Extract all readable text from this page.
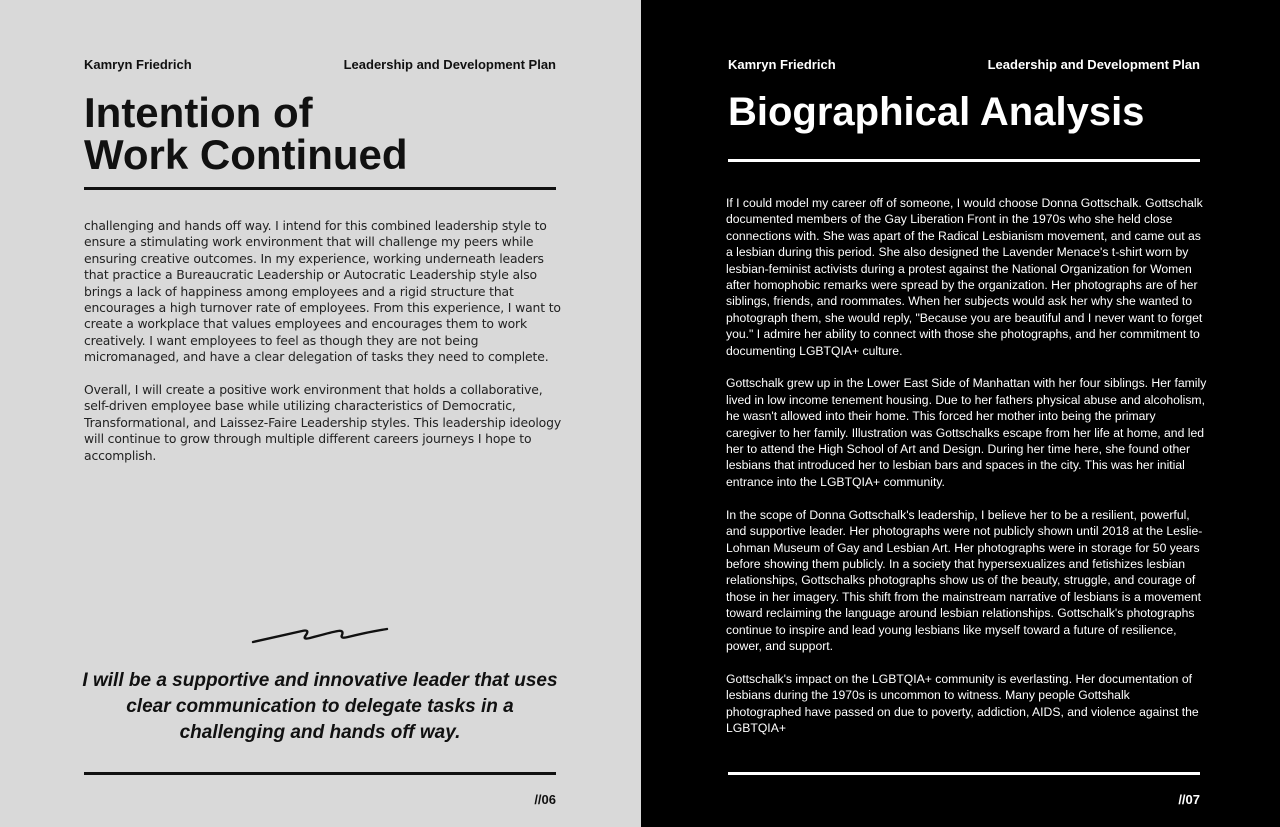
Kamryn Friedrich	Leadership and Development Plan
Intention of
Work Continued

challenging and hands off way. I intend for this combined leadership style to ensure a stimulating work environment that will challenge my peers while ensuring creative outcomes. In my experience, working underneath leaders that practice a Bureaucratic Leadership or Autocratic Leadership style also brings a lack of happiness among employees and a rigid structure that encourages a high turnover rate of employees. From this experience, I want to create a workplace that values employees and encourages them to work creatively. I want employees to feel as though they are not being micromanaged, and have a clear delegation of tasks they need to complete.

Overall, I will create a positive work environment that holds a collaborative, self-driven employee base while utilizing characteristics of Democratic, Transformational, and Laissez-Faire Leadership styles. This leadership ideology will continue to grow through multiple different careers journeys I hope to accomplish.

I will be a supportive and innovative leader that uses clear communication to delegate tasks in a challenging and hands off way.
//06
Kamryn Friedrich	Leadership and Development Plan
Biographical Analysis

If I could model my career off of someone, I would choose Donna Gottschalk. Gottschalk documented members of the Gay Liberation Front in the 1970s who she held close connections with. She was apart of the Radical Lesbianism movement, and came out as a lesbian during this period. She also designed the Lavender Menace's t-shirt worn by lesbian-feminist activists during a protest against the National Organization for Women after homophobic remarks were spread by the organization. Her photographs are of her siblings, friends, and roommates. When her subjects would ask her why she wanted to photograph them, she would reply, "Because you are beautiful and I never want to forget you." I admire her ability to connect with those she photographs, and her commitment to documenting LGBTQIA+ culture.

Gottschalk grew up in the Lower East Side of Manhattan with her four siblings. Her family lived in low income tenement housing. Due to her fathers physical abuse and alcoholism, he wasn't allowed into their home. This forced her mother into being the primary caregiver to her family. Illustration was Gottschalks escape from her life at home, and led her to attend the High School of Art and Design. During her time here, she found other lesbians that introduced her to lesbian bars and spaces in the city. This was her initial entrance into the LGBTQIA+ community.

In the scope of Donna Gottschalk's leadership, I believe her to be a resilient, powerful, and supportive leader. Her photographs were not publicly shown until 2018 at the Leslie-Lohman Museum of Gay and Lesbian Art. Her photographs were in storage for 50 years before showing them publicly. In a society that hypersexualizes and fetishizes lesbian relationships, Gottschalks photographs show us of the beauty, struggle, and courage of those in her imagery. This shift from the mainstream narrative of lesbians is a movement toward reclaiming the language around lesbian relationships. Gottschalk's photographs continue to inspire and lead young lesbians like myself toward a future of resilience, power, and support.

Gottschalk's impact on the LGBTQIA+ community is everlasting. Her documentation of lesbians during the 1970s is uncommon to witness. Many people Gottshalk photographed have passed on due to poverty, addiction, AIDS, and violence against the LGBTQIA+

//07
